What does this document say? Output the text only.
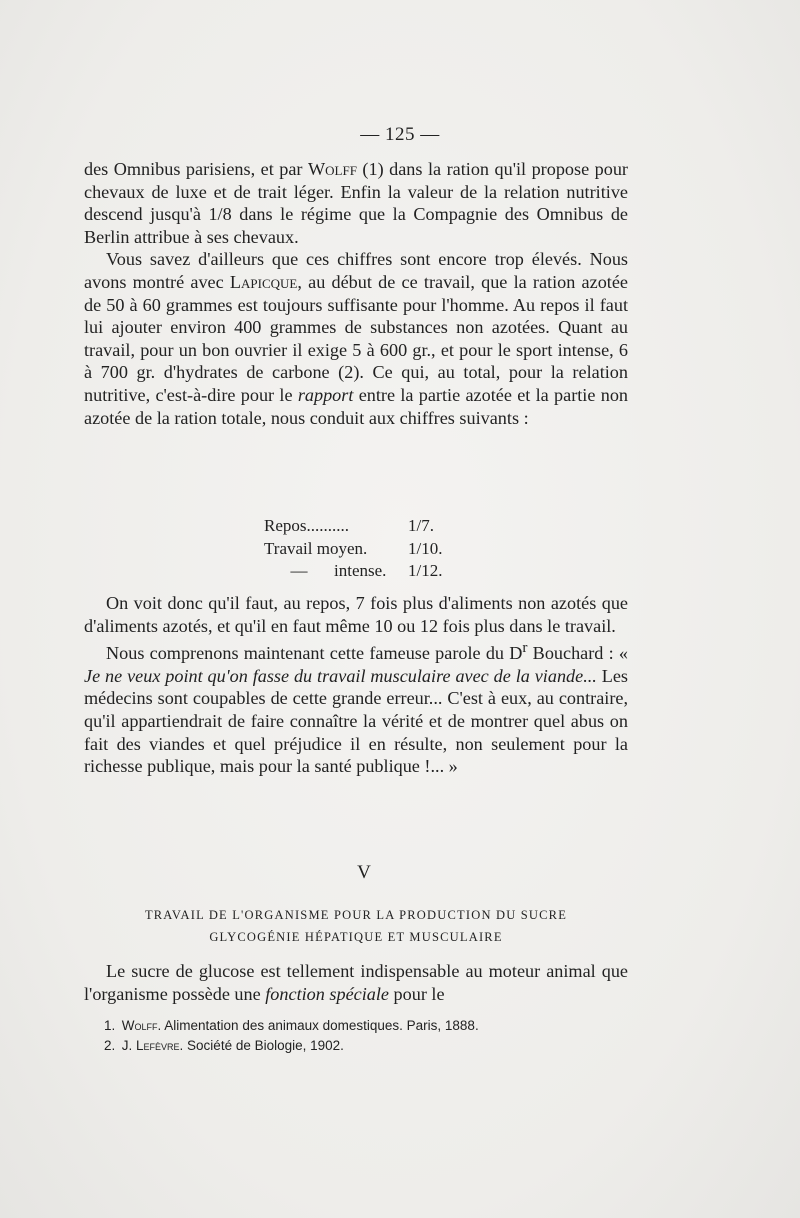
— 125 —

des Omnibus parisiens, et par Wolff (1) dans la ration qu'il propose pour chevaux de luxe et de trait léger. Enfin la valeur de la relation nutritive descend jusqu'à 1/8 dans le régime que la Compagnie des Omnibus de Berlin attribue à ses chevaux.

Vous savez d'ailleurs que ces chiffres sont encore trop élevés. Nous avons montré avec Lapicque, au début de ce travail, que la ration azotée de 50 à 60 grammes est toujours suffisante pour l'homme. Au repos il faut lui ajouter environ 400 grammes de substances non azotées. Quant au travail, pour un bon ouvrier il exige 5 à 600 gr., et pour le sport intense, 6 à 700 gr. d'hydrates de carbone (2). Ce qui, au total, pour la relation nutritive, c'est-à-dire pour le rapport entre la partie azotée et la partie non azotée de la ration totale, nous conduit aux chiffres suivants :

Repos..........	1/7.
Travail moyen.	1/10.
—	intense.	1/12.

On voit donc qu'il faut, au repos, 7 fois plus d'aliments non azotés que d'aliments azotés, et qu'il en faut même 10 ou 12 fois plus dans le travail.

Nous comprenons maintenant cette fameuse parole du $D^r$ Bouchard : « Je ne veux point qu'on fasse du travail musculaire avec de la viande... Les médecins sont coupables de cette grande erreur... C'est à eux, au contraire, qu'il appartiendrait de faire connaître la vérité et de montrer quel abus on fait des viandes et quel préjudice il en résulte, non seulement pour la richesse publique, mais pour la santé publique !... »

V
TRAVAIL DE L'ORGANISME POUR LA PRODUCTION DU SUCRE
GLYCOGÉNIE HÉPATIQUE ET MUSCULAIRE

Le sucre de glucose est tellement indispensable au moteur animal que l'organisme possède une fonction spéciale pour le

1. Wolff. Alimentation des animaux domestiques. Paris, 1888.

2. J. Lefèvre. Société de Biologie, 1902.
